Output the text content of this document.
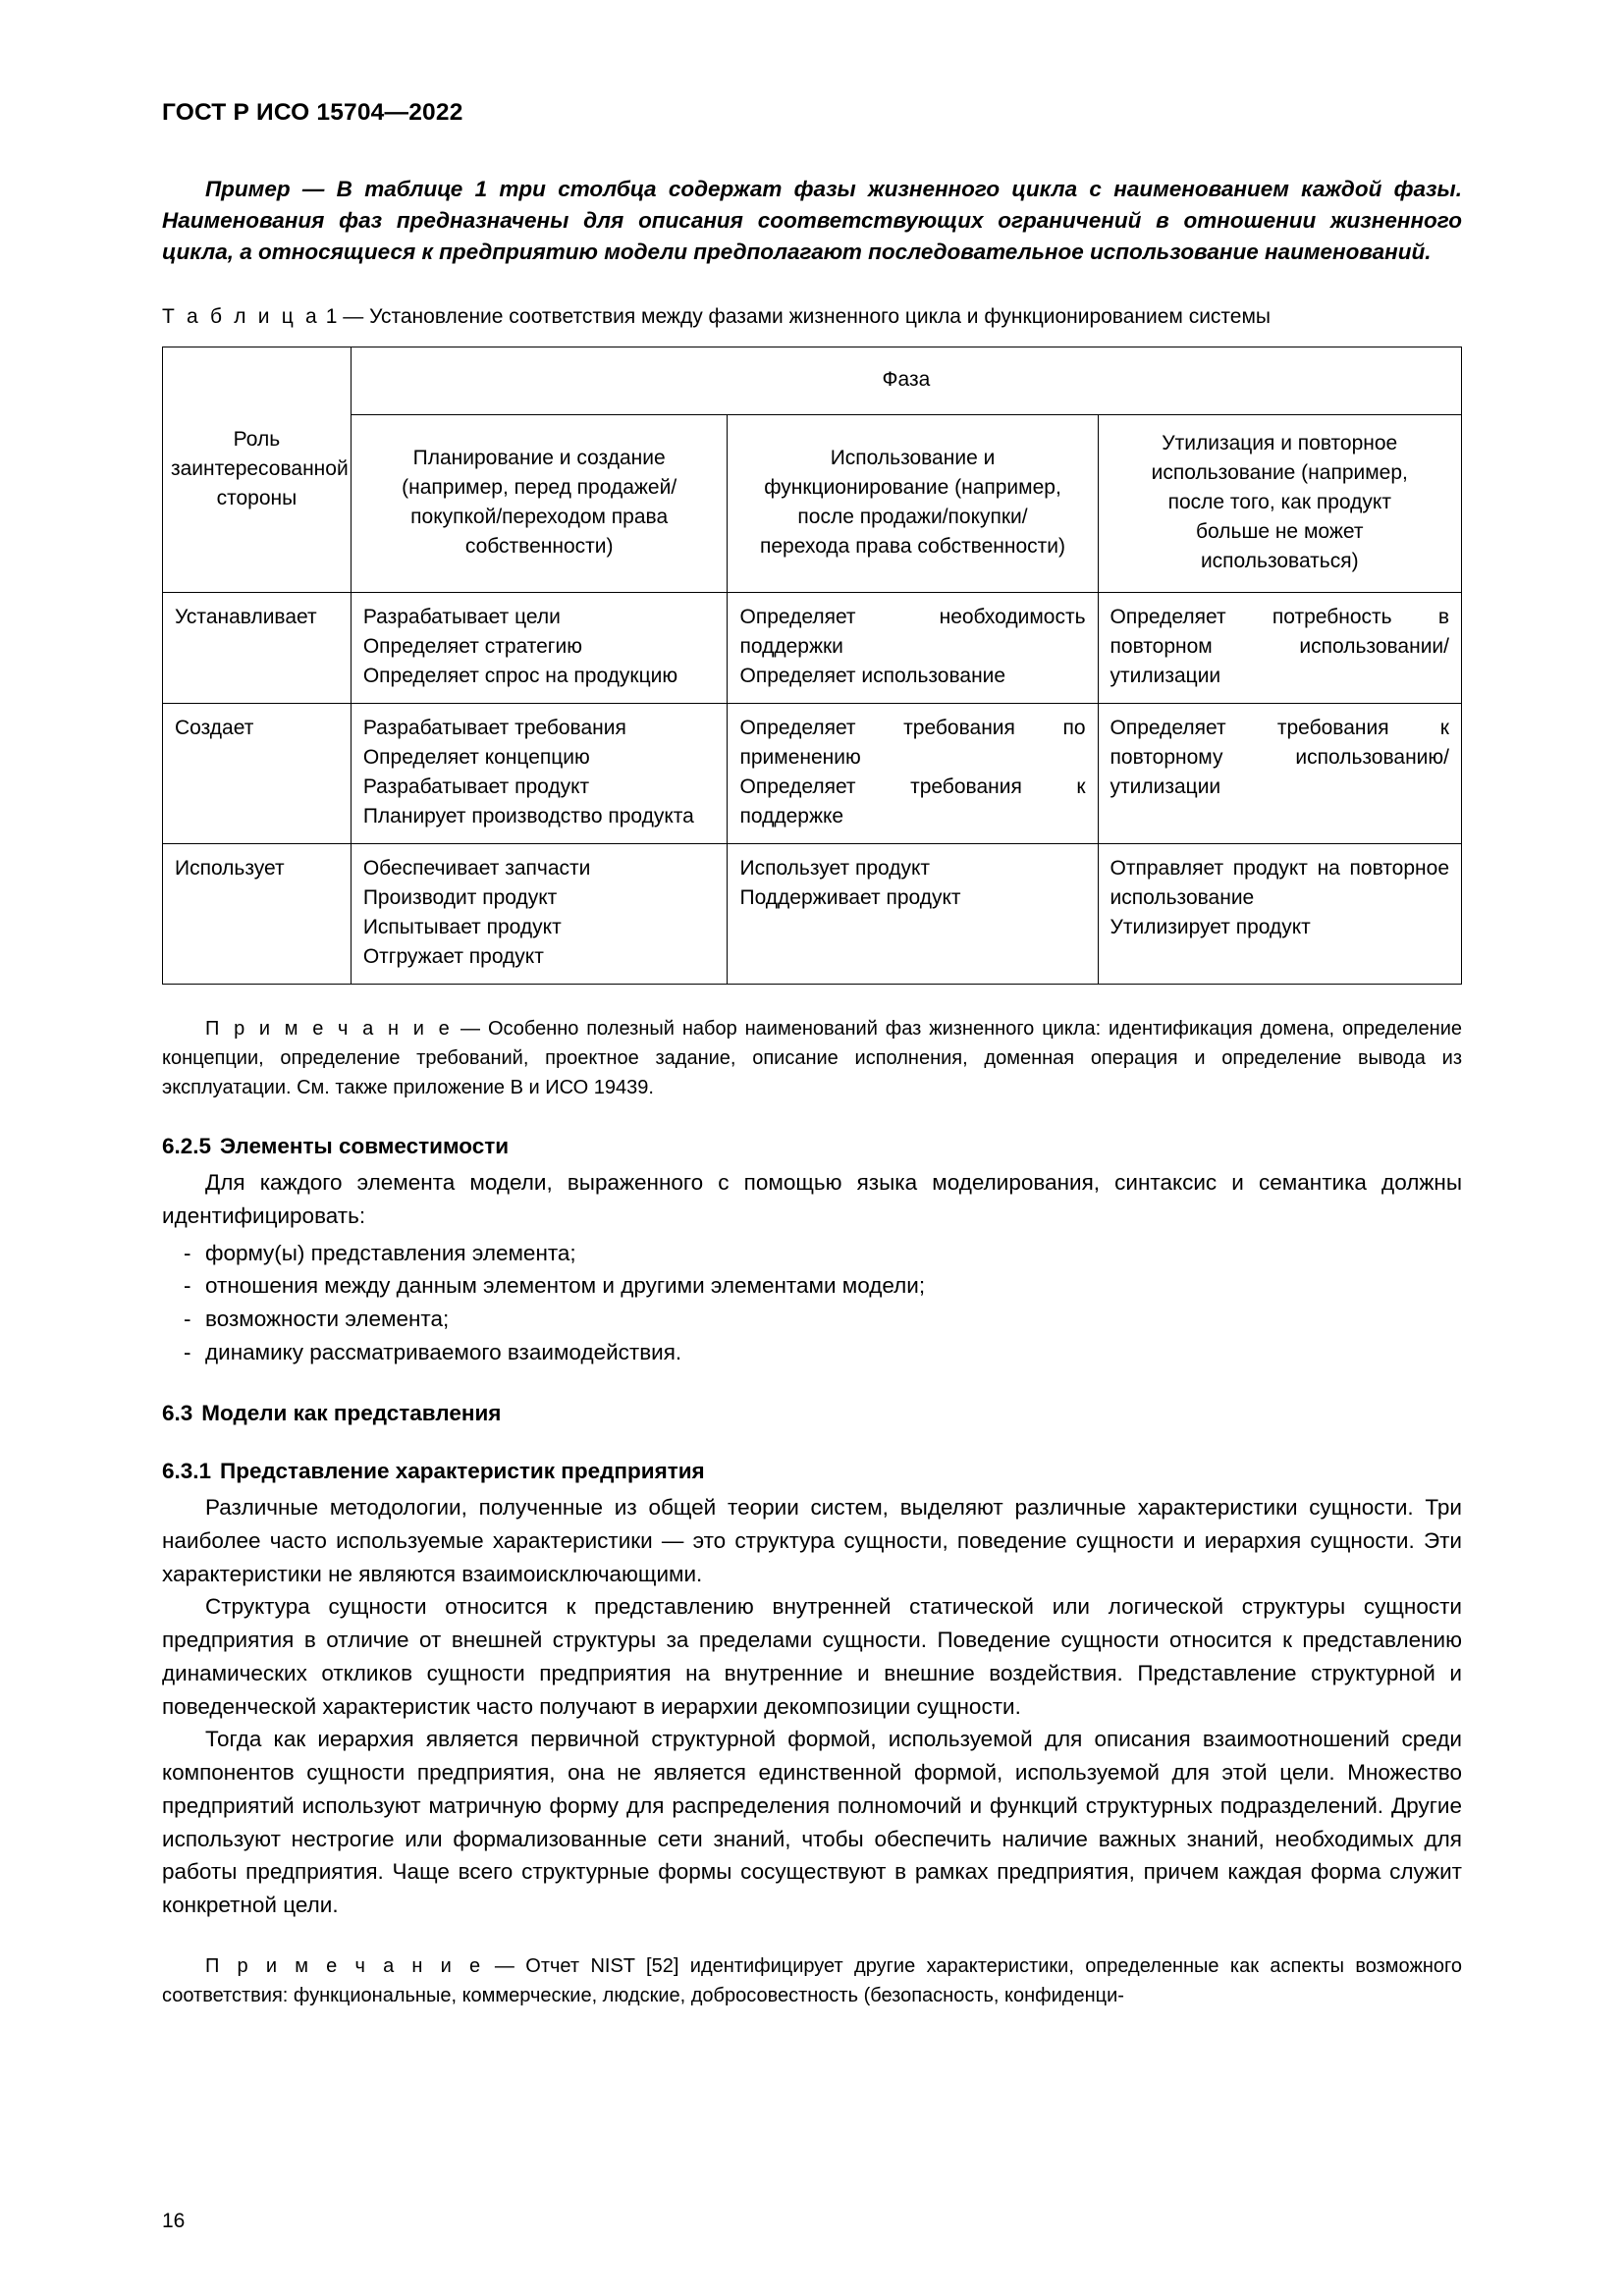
ГОСТ Р ИСО 15704—2022
Пример — В таблице 1 три столбца содержат фазы жизненного цикла с наименованием каждой фазы. Наименования фаз предназначены для описания соответствующих ограничений в отношении жизненного цикла, а относящиеся к предприятию модели предполагают последовательное использование наименований.
Т а б л и ц а 1 — Установление соответствия между фазами жизненного цикла и функционированием системы
Роль
заинтересованной
стороны	Фаза		

	Планирование и создание
(например, перед продажей/
покупкой/переходом права
собственности)	Использование и
функционирование (например,
после продажи/покупки/
перехода права собственности)	Утилизация и повторное
использование (например,
после того, как продукт
больше не может
использоваться)

Устанавливает	Разрабатывает цели
Определяет стратегию
Определяет спрос на продукцию	Определяет необходимость поддержки
Определяет использование	Определяет потребность в повторном использовании/утилизации
Создает	Разрабатывает требования
Определяет концепцию
Разрабатывает продукт
Планирует производство продукта	Определяет требования по применению
Определяет требования к поддержке	Определяет требования к повторному использованию/утилизации
Использует	Обеспечивает запчасти
Производит продукт
Испытывает продукт
Отгружает продукт	Использует продукт
Поддерживает продукт	Отправляет продукт на повторное использование
Утилизирует продукт
П р и м е ч а н и е — Особенно полезный набор наименований фаз жизненного цикла: идентификация домена, определение концепции, определение требований, проектное задание, описание исполнения, доменная операция и определение вывода из эксплуатации. См. также приложение В и ИСО 19439.
6.2.5 Элементы совместимости

Для каждого элемента модели, выраженного с помощью языка моделирования, синтаксис и семантика должны идентифицировать:

- формy(ы) представления элемента;
- отношения между данным элементом и другими элементами модели;
- возможности элемента;
- динамику рассматриваемого взаимодействия.
6.3 Модели как представления
6.3.1 Представление характеристик предприятия

Различные методологии, полученные из общей теории систем, выделяют различные характеристики сущности. Три наиболее часто используемые характеристики — это структура сущности, поведение сущности и иерархия сущности. Эти характеристики не являются взаимоисключающими.

Структура сущности относится к представлению внутренней статической или логической структуры сущности предприятия в отличие от внешней структуры за пределами сущности. Поведение сущности относится к представлению динамических откликов сущности предприятия на внутренние и внешние воздействия. Представление структурной и поведенческой характеристик часто получают в иерархии декомпозиции сущности.

Тогда как иерархия является первичной структурной формой, используемой для описания взаимоотношений среди компонентов сущности предприятия, она не является единственной формой, используемой для этой цели. Множество предприятий используют матричную форму для распределения полномочий и функций структурных подразделений. Другие используют нестрогие или формализованные сети знаний, чтобы обеспечить наличие важных знаний, необходимых для работы предприятия. Чаще всего структурные формы сосуществуют в рамках предприятия, причем каждая форма служит конкретной цели.

П р и м е ч а н и е — Отчет NIST [52] идентифицирует другие характеристики, определенные как аспекты возможного соответствия: функциональные, коммерческие, людские, добросовестность (безопасность, конфиденци-
16
